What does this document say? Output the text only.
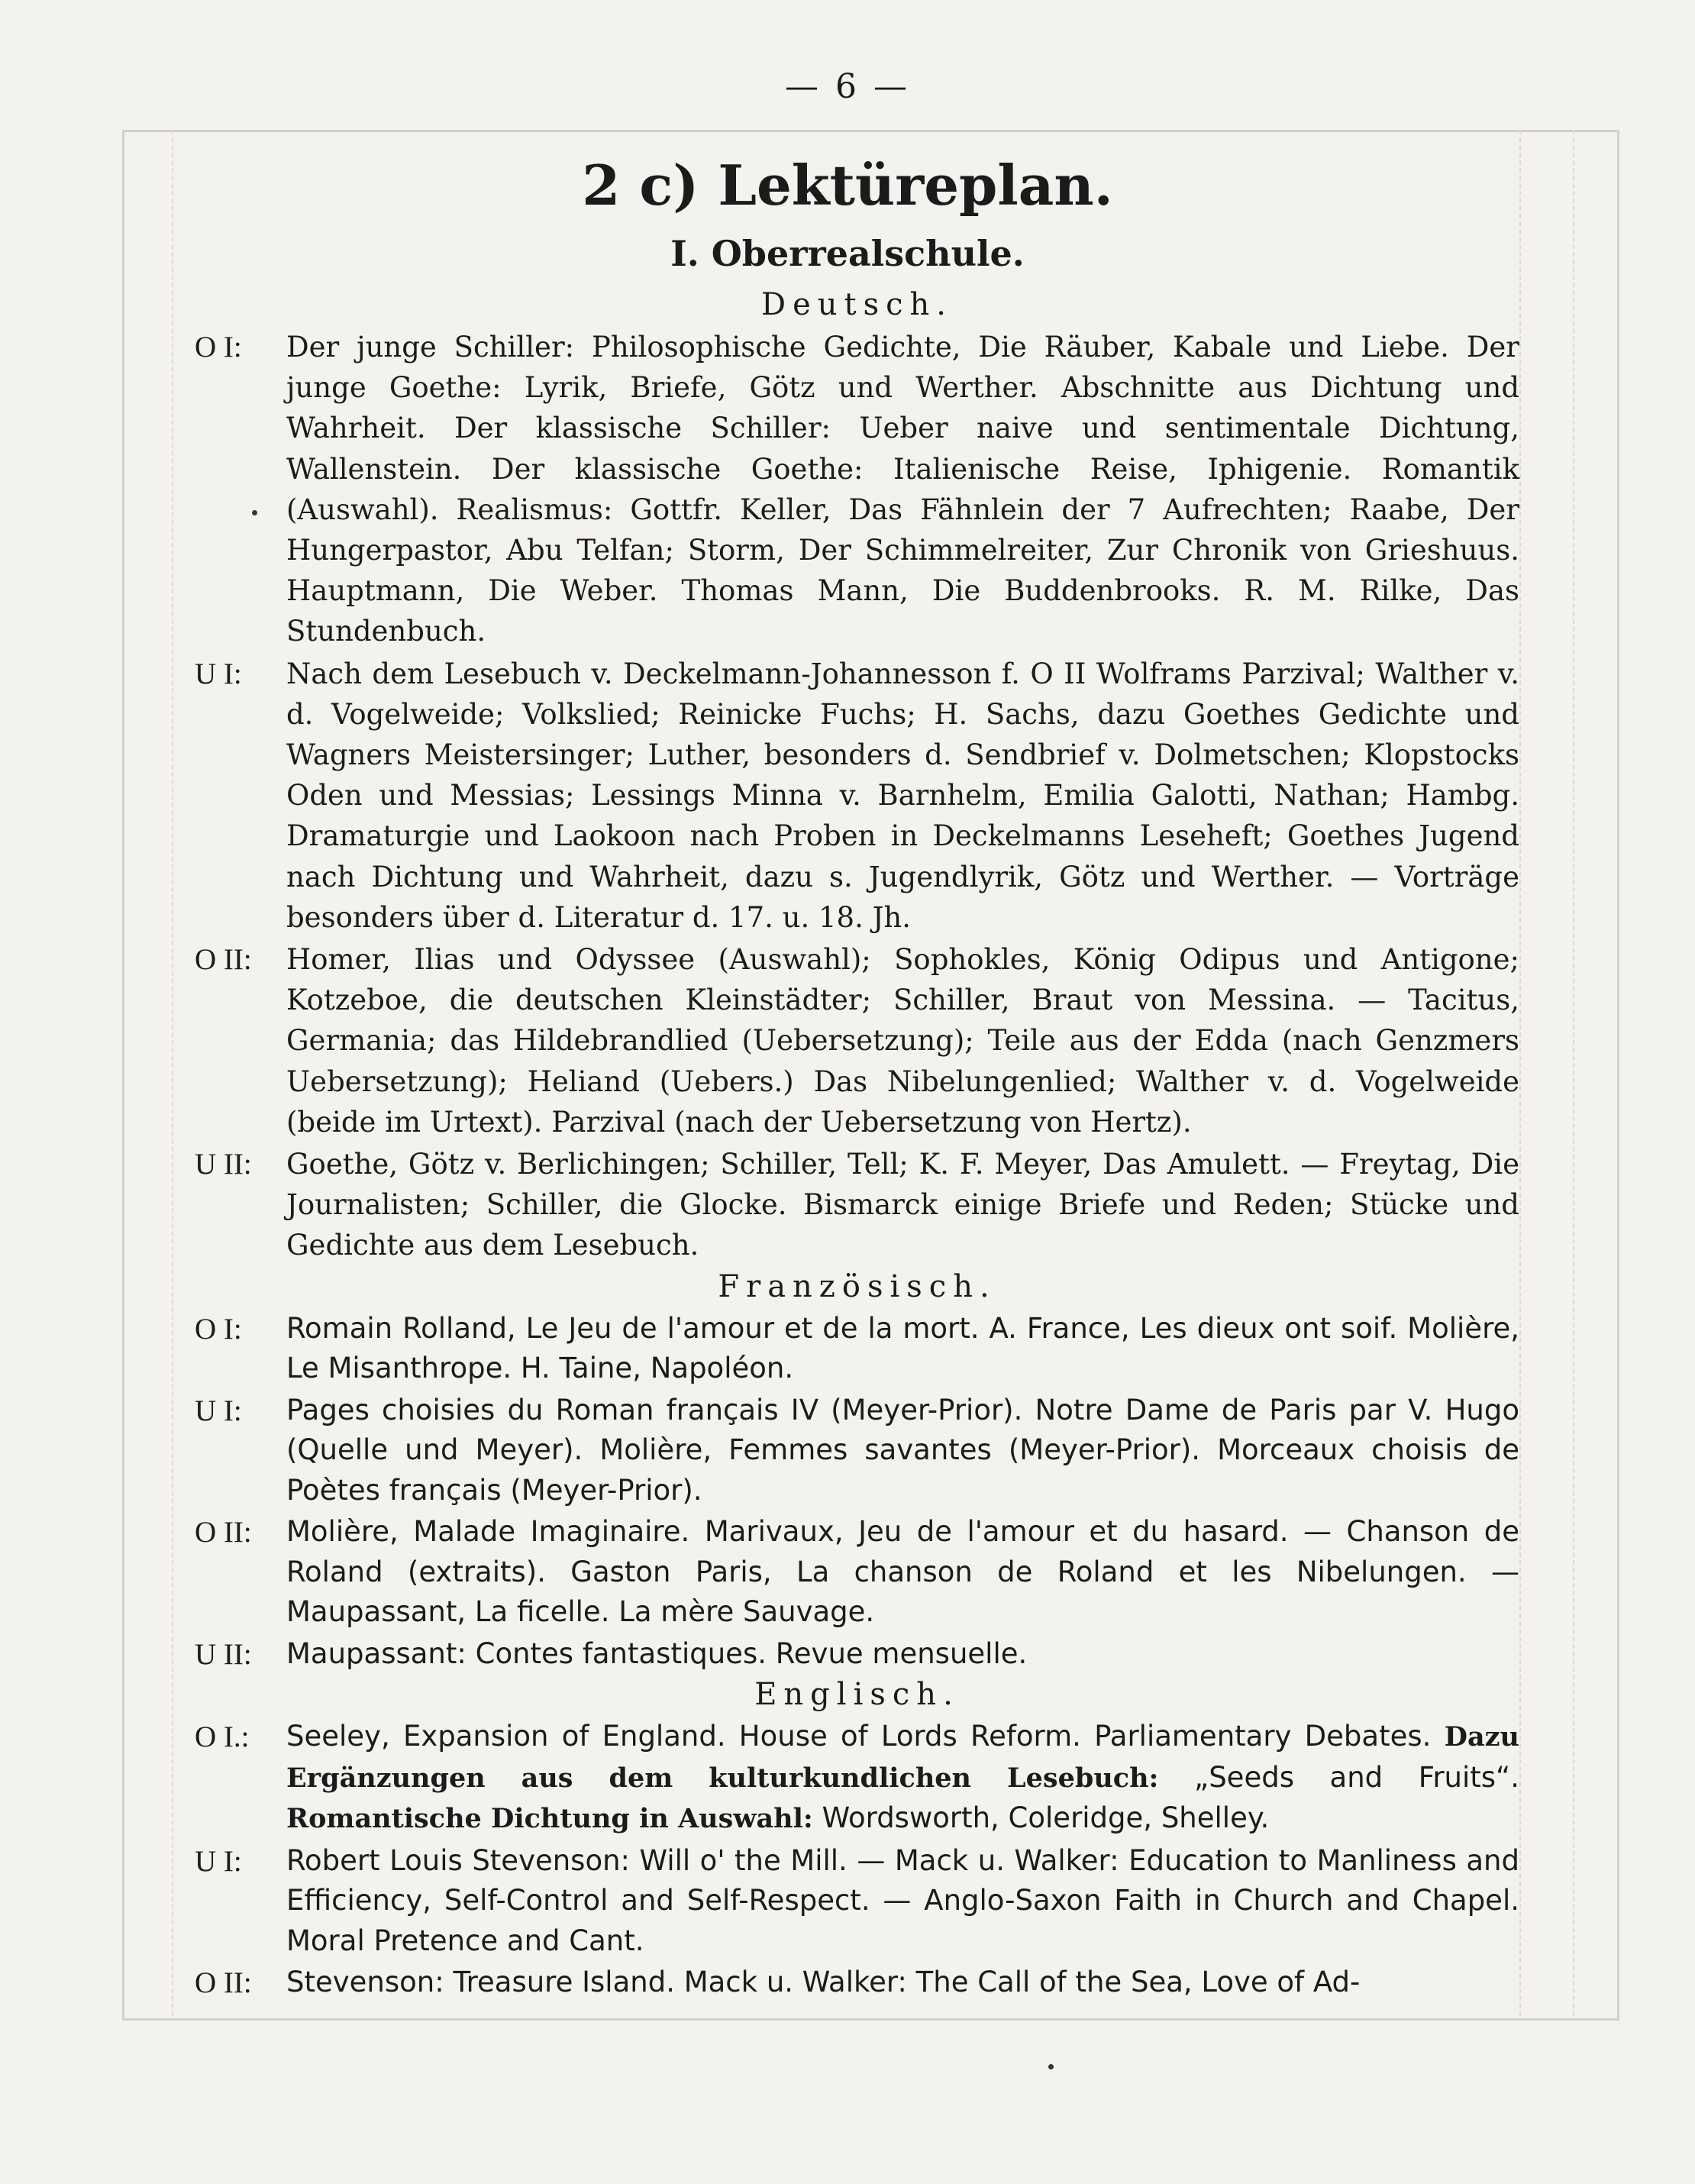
— 6 —
2 c) Lektüreplan.
I. Oberrealschule.
Deutsch.
O I:	Der junge Schiller: Philosophische Gedichte, Die Räuber, Kabale und Liebe. Der junge Goethe: Lyrik, Briefe, Götz und Werther. Abschnitte aus Dichtung und Wahrheit. Der klassische Schiller: Ueber naive und sentimentale Dichtung, Wallenstein. Der klassische Goethe: Italienische Reise, Iphigenie. Romantik (Auswahl). Realismus: Gottfr. Keller, Das Fähnlein der 7 Aufrechten; Raabe, Der Hungerpastor, Abu Telfan; Storm, Der Schimmelreiter, Zur Chronik von Grieshuus. Hauptmann, Die Weber. Thomas Mann, Die Buddenbrooks. R. M. Rilke, Das Stundenbuch.
U I:	Nach dem Lesebuch v. Deckelmann-Johannesson f. O II Wolframs Parzival; Walther v. d. Vogelweide; Volkslied; Reinicke Fuchs; H. Sachs, dazu Goethes Gedichte und Wagners Meistersinger; Luther, besonders d. Sendbrief v. Dolmetschen; Klopstocks Oden und Messias; Lessings Minna v. Barnhelm, Emilia Galotti, Nathan; Hambg. Dramaturgie und Laokoon nach Proben in Deckelmanns Leseheft; Goethes Jugend nach Dichtung und Wahrheit, dazu s. Jugendlyrik, Götz und Werther. — Vorträge besonders über d. Literatur d. 17. u. 18. Jh.
O II:	Homer, Ilias und Odyssee (Auswahl); Sophokles, König Odipus und Antigone; Kotzeboe, die deutschen Kleinstädter; Schiller, Braut von Messina. — Tacitus, Germania; das Hildebrandlied (Uebersetzung); Teile aus der Edda (nach Genzmers Uebersetzung); Heliand (Uebers.) Das Nibelungenlied; Walther v. d. Vogelweide (beide im Urtext). Parzival (nach der Uebersetzung von Hertz).
U II:	Goethe, Götz v. Berlichingen; Schiller, Tell; K. F. Meyer, Das Amulett. — Freytag, Die Journalisten; Schiller, die Glocke. Bismarck einige Briefe und Reden; Stücke und Gedichte aus dem Lesebuch.
Französisch.
O I:	Romain Rolland, Le Jeu de l'amour et de la mort. A. France, Les dieux ont soif. Molière, Le Misanthrope. H. Taine, Napoléon.
U I:	Pages choisies du Roman français IV (Meyer-Prior). Notre Dame de Paris par V. Hugo (Quelle und Meyer). Molière, Femmes savantes (Meyer-Prior). Morceaux choisis de Poètes français (Meyer-Prior).
O II:	Molière, Malade Imaginaire. Marivaux, Jeu de l'amour et du hasard. — Chanson de Roland (extraits). Gaston Paris, La chanson de Roland et les Nibelungen. — Maupassant, La ficelle. La mère Sauvage.
U II:	Maupassant: Contes fantastiques. Revue mensuelle.
Englisch.
O I.:	Seeley, Expansion of England. House of Lords Reform. Parliamentary Debates. Dazu Ergänzungen aus dem kulturkundlichen Lesebuch: „Seeds and Fruits“. Romantische Dichtung in Auswahl: Wordsworth, Coleridge, Shelley.
U I:	Robert Louis Stevenson: Will o' the Mill. — Mack u. Walker: Education to Manliness and Efficiency, Self-Control and Self-Respect. — Anglo-Saxon Faith in Church and Chapel. Moral Pretence and Cant.
O II:	Stevenson: Treasure Island. Mack u. Walker: The Call of the Sea, Love of Ad-
